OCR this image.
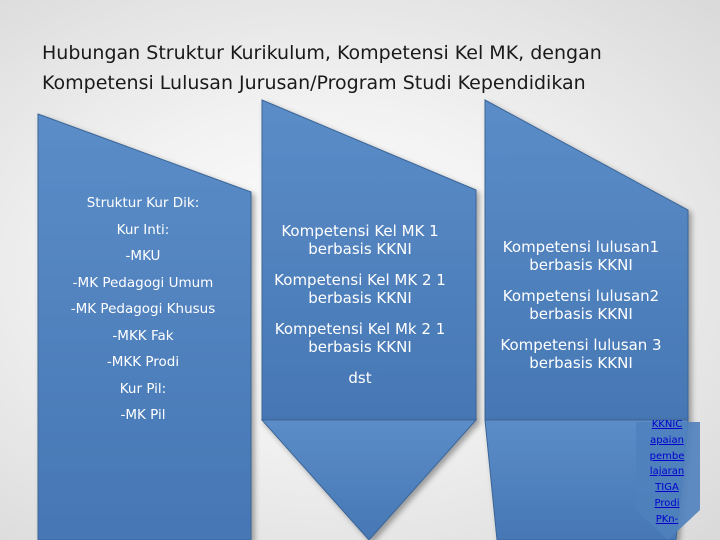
Hubungan Struktur Kurikulum, Kompetensi Kel MK, dengan
Kompetensi Lulusan Jurusan/Program Studi Kependidikan
Struktur Kur Dik:
Kur Inti:
-MKU
-MK Pedagogi Umum
-MK Pedagogi Khusus
-MKK Fak
-MKK Prodi
Kur Pil:
-MK Pil
Kompetensi Kel MK 1 berbasis KKNI
Kompetensi Kel MK 2 1 berbasis KKNI
Kompetensi Kel Mk 2 1 berbasis KKNI
dst
Kompetensi lulusan1 berbasis KKNI
Kompetensi lulusan2 berbasis KKNI
Kompetensi lulusan 3 berbasis KKNI
KKNIC
apaian
pembe
lajaran
TIGA
Prodi
PKn-
